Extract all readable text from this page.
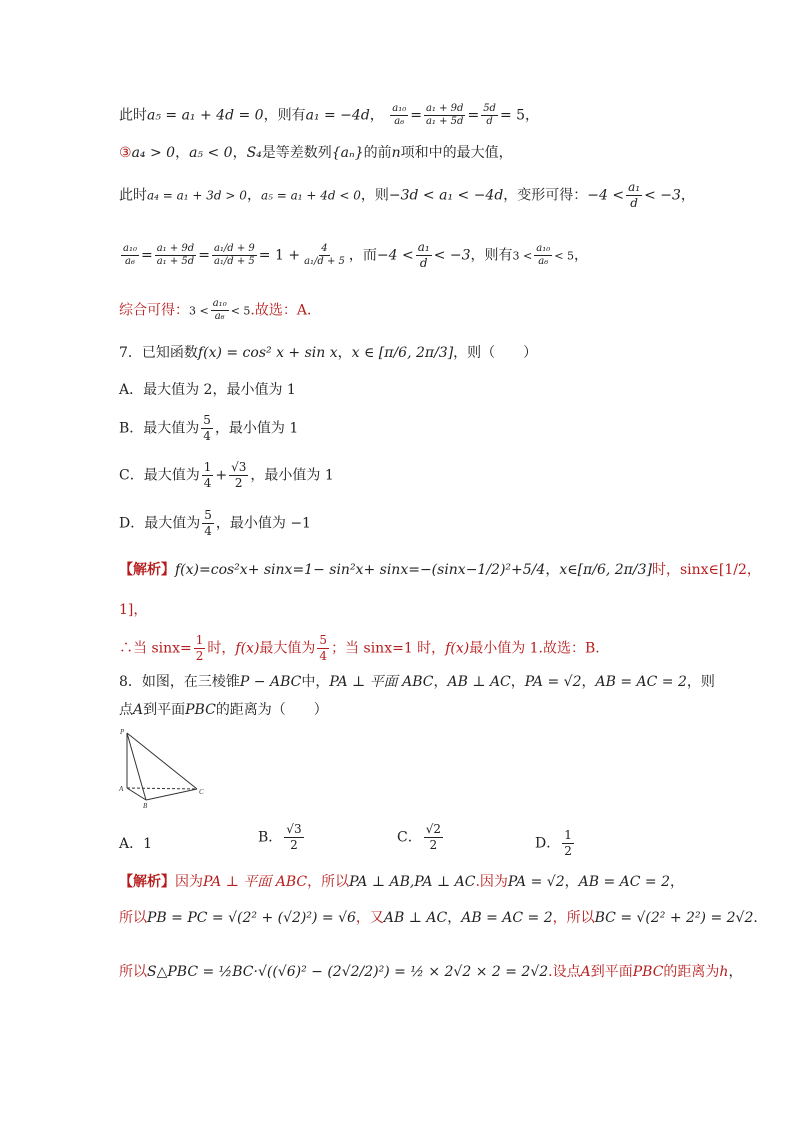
此时a₅ = a₁ + 4d = 0，则有a₁ = −4d， $\frac{\text{a₁₀}}{\text{a₆}} = \frac{\text{a₁ + 9d}}{\text{a₁ + 5d}} = \frac{5d}{d} = 5$，
③a₄ > 0，a₅ < 0，S₄是等差数列{aₙ}的前n项和中的最大值，
此时a₄ = a₁ + 3d > 0，a₅ = a₁ + 4d < 0，则−3d < a₁ < −4d，变形可得：$-4 < \frac{\text{a₁}}{d} < -3$，
$\frac{\text{a₁₀}}{\text{a₆}} = \frac{\text{a₁ + 9d}}{\text{a₁ + 5d}} = \frac{\text{a₁/d + 9}}{\text{a₁/d + 5}} = 1 + \frac{4}{\text{a₁/d + 5}}$ ，而$-4 < \frac{\text{a₁}}{d} < -3$，则有$3 < \frac{\text{a₁₀}}{\text{a₆}} < 5$，
综合可得：$3 < \frac{\text{a₁₀}}{\text{a₆}} < 5$.故选：A．
7．已知函数f(x) = cos² x + sin x，x ∈ [π/6, 2π/3]，则（　　）
A．最大值为 2，最小值为 1
B．最大值为 $\frac{5}{4}$ ，最小值为 1
C．最大值为 $\frac{1}{4} + \frac{√3}{2}$ ，最小值为 1
D．最大值为 $\frac{5}{4}$ ，最小值为 −1
【解析】f(x)=cos²x+ sinx=1− sin²x+ sinx=−(sinx−1/2)²+5/4，x∈[π/6, 2π/3]时，sinx∈[1/2，
1]，
∴当 $\sin x= \frac{1}{2}$ 时，f(x)最大值为 $\frac{5}{4}$ ；当 sinx=1 时，f(x)最小值为 1.故选：B.
8．如图，在三棱锥P − ABC中，PA ⊥ 平面 ABC，AB ⊥ AC，PA = √2，AB = AC = 2，则
点A到平面PBC的距离为（　　）
P
A
B
C
A．1	B． $\frac{√3}{2}$	C． $\frac{√2}{2}$	D． $\frac{1}{2}$
【解析】因为PA ⊥ 平面 ABC，所以PA ⊥ AB,PA ⊥ AC.因为PA = √2，AB = AC = 2，
所以PB = PC = √(2² + (√2)²) = √6，又AB ⊥ AC，AB = AC = 2，所以BC = √(2² + 2²) = 2√2．
所以S△PBC = ½BC·√((√6)² − (2√2/2)²) = ½ × 2√2 × 2 = 2√2.设点A到平面PBC的距离为h，
